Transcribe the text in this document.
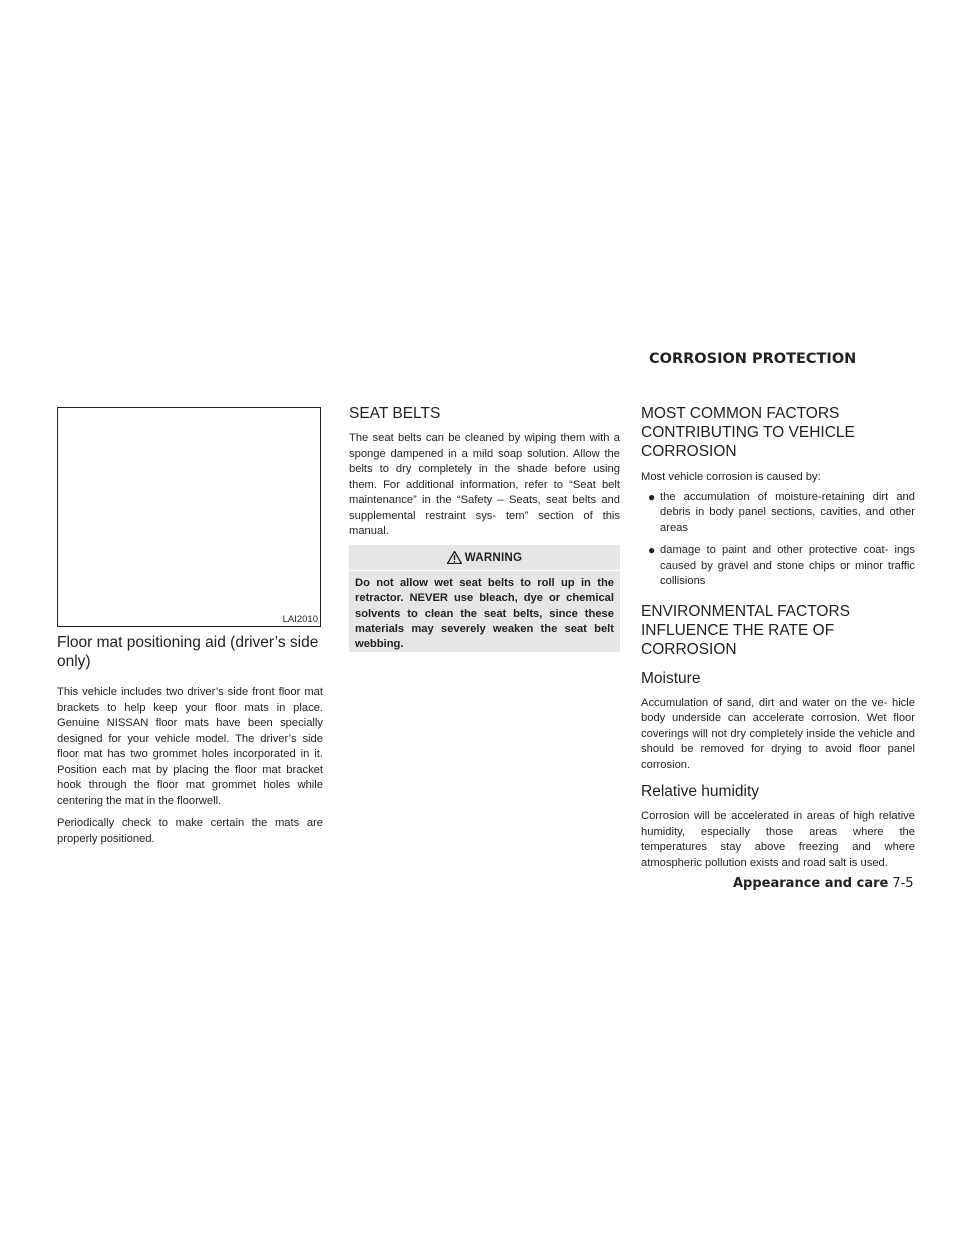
CORROSION PROTECTION
LAI2010
Floor mat positioning aid (driver’s side only)

This vehicle includes two driver’s side front floor mat brackets to help keep your floor mats in place. Genuine NISSAN floor mats have been specially designed for your vehicle model. The driver’s side floor mat has two grommet holes incorporated in it. Position each mat by placing the floor mat bracket hook through the floor mat grommet holes while centering the mat in the floorwell.

Periodically check to make certain the mats are properly positioned.

SEAT BELTS

The seat belts can be cleaned by wiping them with a sponge dampened in a mild soap solution. Allow the belts to dry completely in the shade before using them. For additional information, refer to “Seat belt maintenance” in the “Safety – Seats, seat belts and supplemental restraint sys- tem” section of this manual.

WARNING
Do not allow wet seat belts to roll up in the retractor. NEVER use bleach, dye or chemical solvents to clean the seat belts, since these materials may severely weaken the seat belt webbing.
MOST COMMON FACTORS CONTRIBUTING TO VEHICLE CORROSION

Most vehicle corrosion is caused by:

● the accumulation of moisture-retaining dirt and debris in body panel sections, cavities, and other areas
● damage to paint and other protective coat- ings caused by gravel and stone chips or minor traffic collisions
ENVIRONMENTAL FACTORS INFLUENCE THE RATE OF CORROSION
Moisture

Accumulation of sand, dirt and water on the ve- hicle body underside can accelerate corrosion. Wet floor coverings will not dry completely inside the vehicle and should be removed for drying to avoid floor panel corrosion.

Relative humidity

Corrosion will be accelerated in areas of high relative humidity, especially those areas where the temperatures stay above freezing and where atmospheric pollution exists and road salt is used.

Appearance and care 7-5
